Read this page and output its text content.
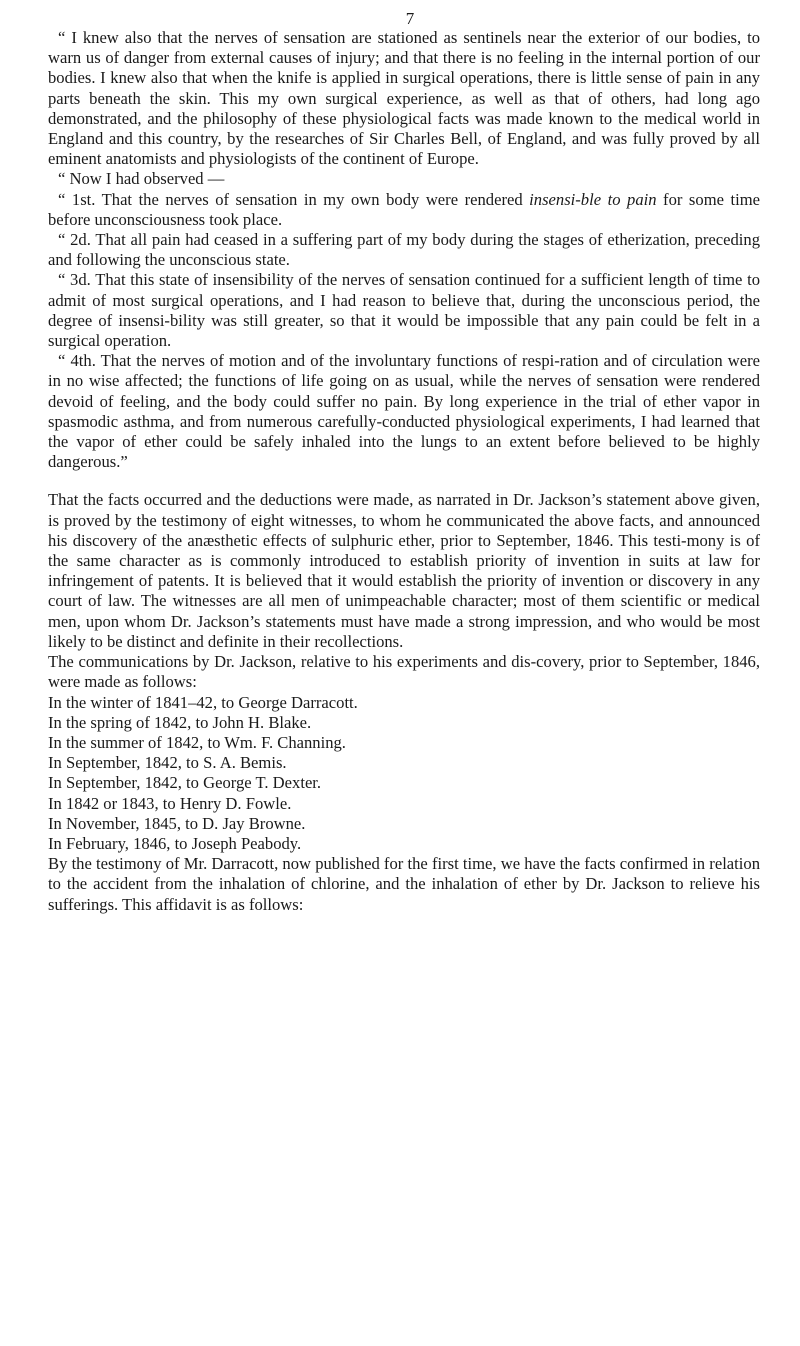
7

“ I knew also that the nerves of sensation are stationed as sentinels near the exterior of our bodies, to warn us of danger from external causes of injury; and that there is no feeling in the internal portion of our bodies. I knew also that when the knife is applied in surgical operations, there is little sense of pain in any parts beneath the skin. This my own surgical experience, as well as that of others, had long ago demonstrated, and the philosophy of these physiological facts was made known to the medical world in England and this country, by the researches of Sir Charles Bell, of England, and was fully proved by all eminent anatomists and physiologists of the continent of Europe.

“ Now I had observed —

“ 1st. That the nerves of sensation in my own body were rendered insensi-ble to pain for some time before unconsciousness took place.

“ 2d. That all pain had ceased in a suffering part of my body during the stages of etherization, preceding and following the unconscious state.

“ 3d. That this state of insensibility of the nerves of sensation continued for a sufficient length of time to admit of most surgical operations, and I had reason to believe that, during the unconscious period, the degree of insensi-bility was still greater, so that it would be impossible that any pain could be felt in a surgical operation.

“ 4th. That the nerves of motion and of the involuntary functions of respi-ration and of circulation were in no wise affected; the functions of life going on as usual, while the nerves of sensation were rendered devoid of feeling, and the body could suffer no pain. By long experience in the trial of ether vapor in spasmodic asthma, and from numerous carefully-conducted physiological experiments, I had learned that the vapor of ether could be safely inhaled into the lungs to an extent before believed to be highly dangerous.”

That the facts occurred and the deductions were made, as narrated in Dr. Jackson’s statement above given, is proved by the testimony of eight witnesses, to whom he communicated the above facts, and announced his discovery of the anæsthetic effects of sulphuric ether, prior to September, 1846. This testi-mony is of the same character as is commonly introduced to establish priority of invention in suits at law for infringement of patents. It is believed that it would establish the priority of invention or discovery in any court of law. The witnesses are all men of unimpeachable character; most of them scientific or medical men, upon whom Dr. Jackson’s statements must have made a strong impression, and who would be most likely to be distinct and definite in their recollections.

The communications by Dr. Jackson, relative to his experiments and dis-covery, prior to September, 1846, were made as follows:

In the winter of 1841–42, to George Darracott.

In the spring of 1842, to John H. Blake.

In the summer of 1842, to Wm. F. Channing.

In September, 1842, to S. A. Bemis.

In September, 1842, to George T. Dexter.

In 1842 or 1843, to Henry D. Fowle.

In November, 1845, to D. Jay Browne.

In February, 1846, to Joseph Peabody.

By the testimony of Mr. Darracott, now published for the first time, we have the facts confirmed in relation to the accident from the inhalation of chlorine, and the inhalation of ether by Dr. Jackson to relieve his sufferings. This affidavit is as follows:
